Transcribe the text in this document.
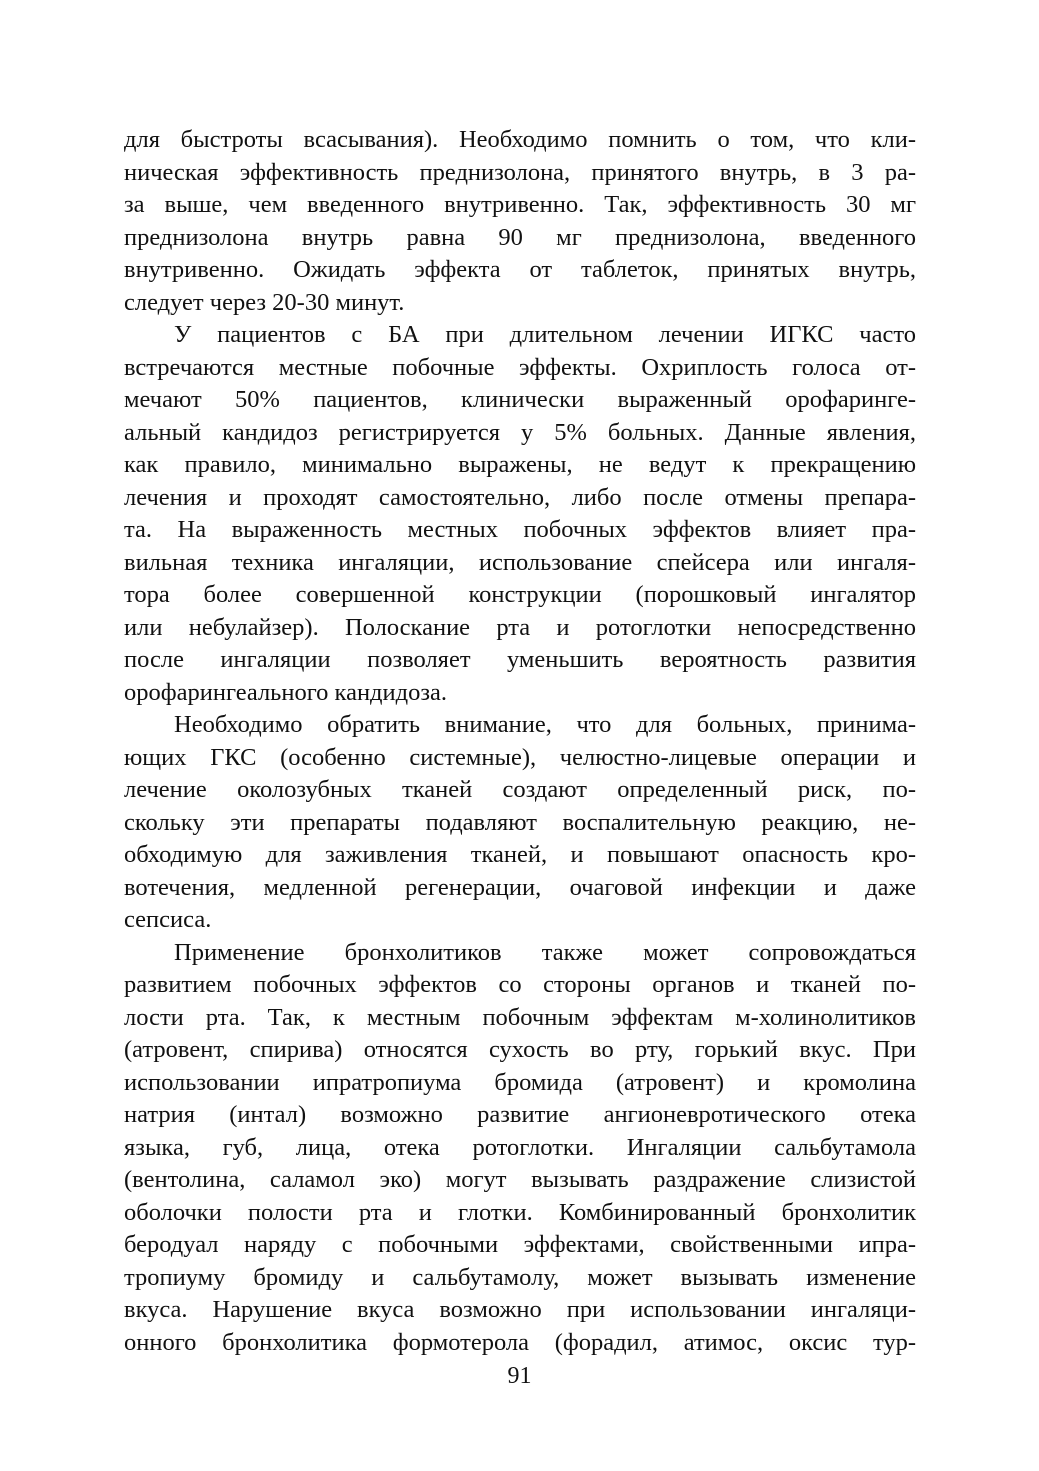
для быстроты всасывания). Необходимо помнить о том, что кли-
ническая эффективность преднизолона, принятого внутрь, в 3 ра-
за выше, чем введенного внутривенно. Так, эффективность 30 мг
преднизолона внутрь равна 90 мг преднизолона, введенного
внутривенно. Ожидать эффекта от таблеток, принятых внутрь,
следует через 20-30 минут.
У пациентов с БА при длительном лечении ИГКС часто
встречаются местные побочные эффекты. Охриплость голоса от-
мечают 50% пациентов, клинически выраженный орофаринге-
альный кандидоз регистрируется у 5% больных. Данные явления,
как правило, минимально выражены, не ведут к прекращению
лечения и проходят самостоятельно, либо после отмены препара-
та. На выраженность местных побочных эффектов влияет пра-
вильная техника ингаляции, использование спейсера или ингаля-
тора более совершенной конструкции (порошковый ингалятор
или небулайзер). Полоскание рта и ротоглотки непосредственно
после ингаляции позволяет уменьшить вероятность развития
орофарингеального кандидоза.
Необходимо обратить внимание, что для больных, принима-
ющих ГКС (особенно системные), челюстно-лицевые операции и
лечение околозубных тканей создают определенный риск, по-
скольку эти препараты подавляют воспалительную реакцию, не-
обходимую для заживления тканей, и повышают опасность кро-
вотечения, медленной регенерации, очаговой инфекции и даже
сепсиса.
Применение бронхолитиков также может сопровождаться
развитием побочных эффектов со стороны органов и тканей по-
лости рта. Так, к местным побочным эффектам м-холинолитиков
(атровент, спирива) относятся сухость во рту, горький вкус. При
использовании ипратропиума бромида (атровент) и кромолина
натрия (интал) возможно развитие ангионевротического отека
языка, губ, лица, отека ротоглотки. Ингаляции сальбутамола
(вентолина, саламол эко) могут вызывать раздражение слизистой
оболочки полости рта и глотки. Комбинированный бронхолитик
беродуал наряду с побочными эффектами, свойственными ипра-
тропиуму бромиду и сальбутамолу, может вызывать изменение
вкуса. Нарушение вкуса возможно при использовании ингаляци-
онного бронхолитика формотерола (форадил, атимос, оксис тур-
91
